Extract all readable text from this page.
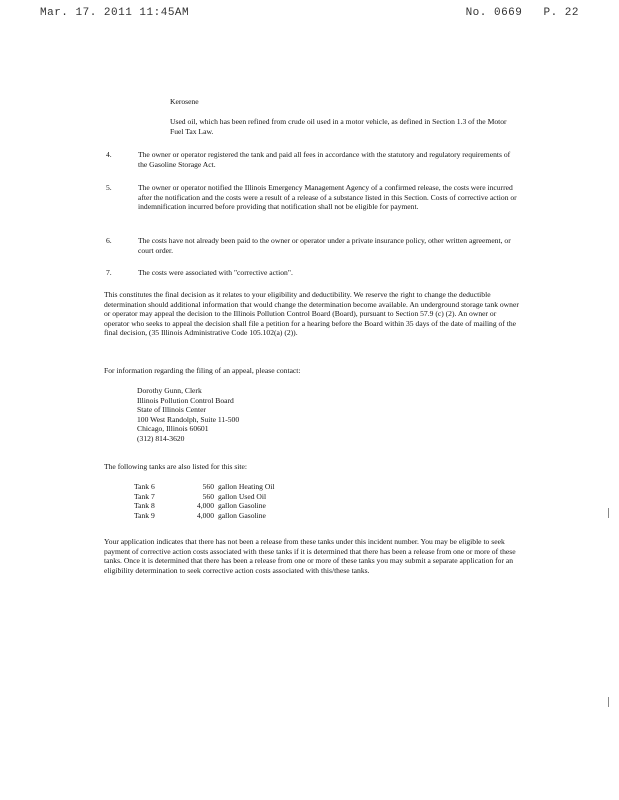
Mar. 17. 2011 11:45AM	No. 0669 P. 22

Kerosene

Used oil, which has been refined from crude oil used in a motor vehicle, as defined in Section 1.3 of the Motor Fuel Tax Law.

4.	The owner or operator registered the tank and paid all fees in accordance with the statutory and regulatory requirements of the Gasoline Storage Act.
5.	The owner or operator notified the Illinois Emergency Management Agency of a confirmed release, the costs were incurred after the notification and the costs were a result of a release of a substance listed in this Section. Costs of corrective action or indemnification incurred before providing that notification shall not be eligible for payment.
6.	The costs have not already been paid to the owner or operator under a private insurance policy, other written agreement, or court order.
7.	The costs were associated with "corrective action".

This constitutes the final decision as it relates to your eligibility and deductibility. We reserve the right to change the deductible determination should additional information that would change the determination become available. An underground storage tank owner or operator may appeal the decision to the Illinois Pollution Control Board (Board), pursuant to Section 57.9 (c) (2). An owner or operator who seeks to appeal the decision shall file a petition for a hearing before the Board within 35 days of the date of mailing of the final decision, (35 Illinois Administrative Code 105.102(a) (2)).

For information regarding the filing of an appeal, please contact:

Dorothy Gunn, Clerk

Illinois Pollution Control Board

State of Illinois Center

100 West Randolph, Suite 11-500

Chicago, Illinois 60601

(312) 814-3620

The following tanks are also listed for this site:

Tank 6	560 gallon Heating Oil

Tank 7	560 gallon Used Oil

Tank 8	4,000 gallon Gasoline

Tank 9	4,000 gallon Gasoline

Your application indicates that there has not been a release from these tanks under this incident number. You may be eligible to seek payment of corrective action costs associated with these tanks if it is determined that there has been a release from one or more of these tanks. Once it is determined that there has been a release from one or more of these tanks you may submit a separate application for an eligibility determination to seek corrective action costs associated with this/these tanks.
